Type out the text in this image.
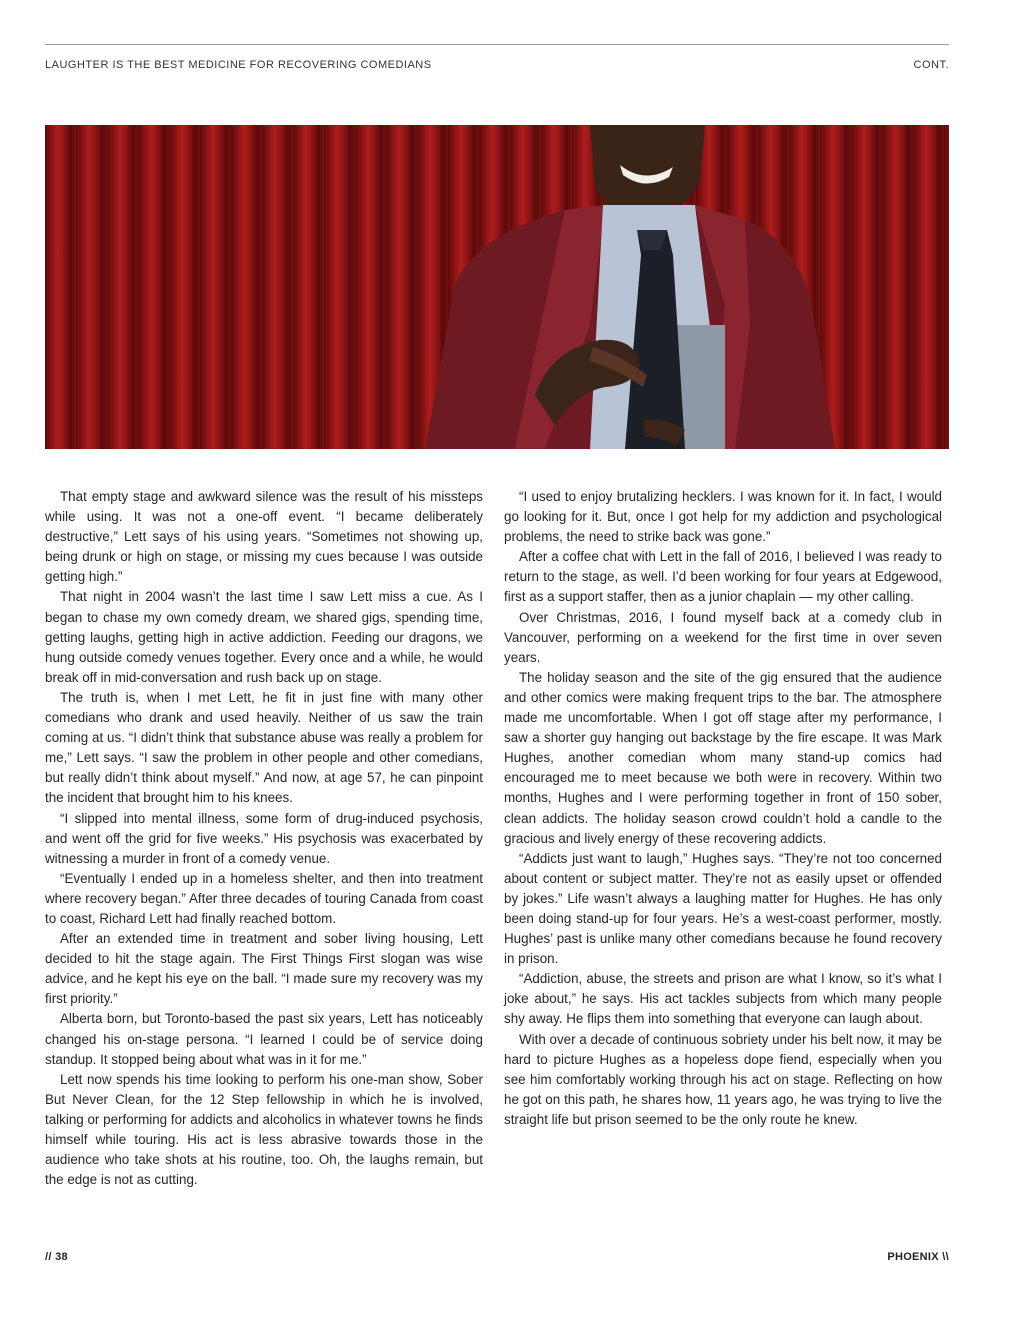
LAUGHTER IS THE BEST MEDICINE FOR RECOVERING COMEDIANS	CONT.

That empty stage and awkward silence was the result of his missteps while using. It was not a one-off event. “I became deliberately destructive,” Lett says of his using years. “Sometimes not showing up, being drunk or high on stage, or missing my cues because I was outside getting high.”

That night in 2004 wasn’t the last time I saw Lett miss a cue. As I began to chase my own comedy dream, we shared gigs, spending time, getting laughs, getting high in active addiction. Feeding our dragons, we hung outside comedy venues together. Every once and a while, he would break off in mid-conversation and rush back up on stage.

The truth is, when I met Lett, he fit in just fine with many other comedians who drank and used heavily. Neither of us saw the train coming at us. “I didn’t think that substance abuse was really a problem for me,” Lett says. “I saw the problem in other people and other comedians, but really didn’t think about myself.” And now, at age 57, he can pinpoint the incident that brought him to his knees.

“I slipped into mental illness, some form of drug-induced psychosis, and went off the grid for five weeks.” His psychosis was exacerbated by witnessing a murder in front of a comedy venue.

“Eventually I ended up in a homeless shelter, and then into treatment where recovery began.” After three decades of touring Canada from coast to coast, Richard Lett had finally reached bottom.

After an extended time in treatment and sober living housing, Lett decided to hit the stage again. The First Things First slogan was wise advice, and he kept his eye on the ball. “I made sure my recovery was my first priority.”

Alberta born, but Toronto-based the past six years, Lett has noticeably changed his on-stage persona. “I learned I could be of service doing standup. It stopped being about what was in it for me.”

Lett now spends his time looking to perform his one-man show, Sober But Never Clean, for the 12 Step fellowship in which he is involved, talking or performing for addicts and alcoholics in whatever towns he finds himself while touring. His act is less abrasive towards those in the audience who take shots at his routine, too. Oh, the laughs remain, but the edge is not as cutting.

“I used to enjoy brutalizing hecklers. I was known for it. In fact, I would go looking for it. But, once I got help for my addiction and psychological problems, the need to strike back was gone.”

After a coffee chat with Lett in the fall of 2016, I believed I was ready to return to the stage, as well. I’d been working for four years at Edgewood, first as a support staffer, then as a junior chaplain — my other calling.

Over Christmas, 2016, I found myself back at a comedy club in Vancouver, performing on a weekend for the first time in over seven years.

The holiday season and the site of the gig ensured that the audience and other comics were making frequent trips to the bar. The atmosphere made me uncomfortable. When I got off stage after my performance, I saw a shorter guy hanging out backstage by the fire escape. It was Mark Hughes, another comedian whom many stand-up comics had encouraged me to meet because we both were in recovery. Within two months, Hughes and I were performing together in front of 150 sober, clean addicts. The holiday season crowd couldn’t hold a candle to the gracious and lively energy of these recovering addicts.

“Addicts just want to laugh,” Hughes says. “They’re not too concerned about content or subject matter. They’re not as easily upset or offended by jokes.” Life wasn’t always a laughing matter for Hughes. He has only been doing stand-up for four years. He’s a west-coast performer, mostly. Hughes’ past is unlike many other comedians because he found recovery in prison.

“Addiction, abuse, the streets and prison are what I know, so it’s what I joke about,” he says. His act tackles subjects from which many people shy away. He flips them into something that everyone can laugh about.

With over a decade of continuous sobriety under his belt now, it may be hard to picture Hughes as a hopeless dope fiend, especially when you see him comfortably working through his act on stage. Reflecting on how he got on this path, he shares how, 11 years ago, he was trying to live the straight life but prison seemed to be the only route he knew.

// 38	PHOENIX \\
